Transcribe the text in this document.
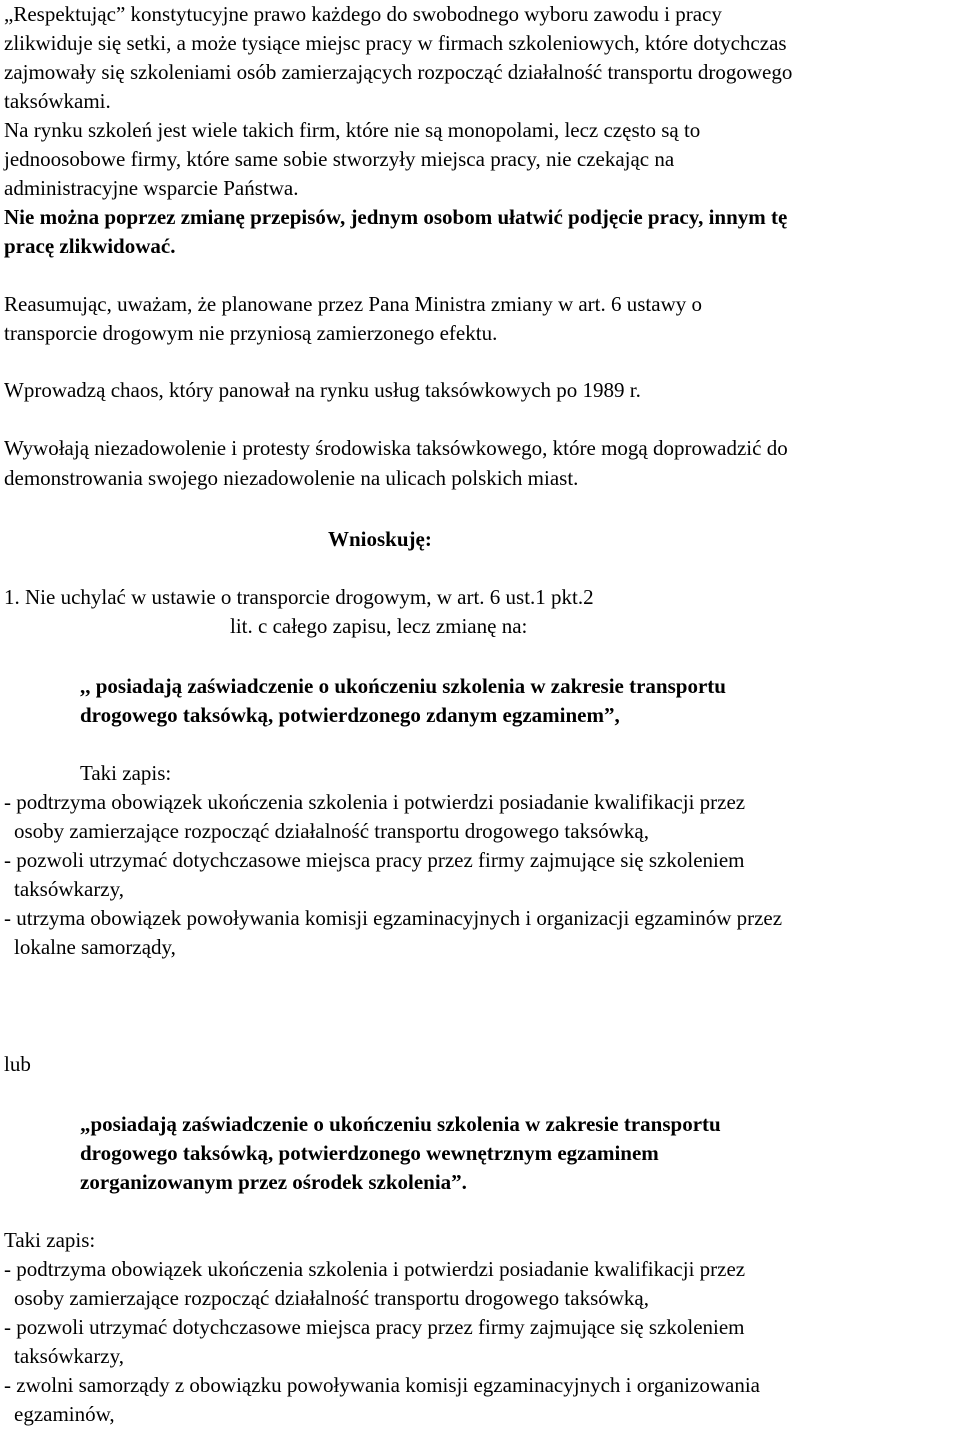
„Respektując” konstytucyjne prawo każdego do swobodnego wyboru zawodu i pracy
zlikwiduje się setki, a może tysiące miejsc pracy w firmach szkoleniowych, które dotychczas
zajmowały się szkoleniami osób zamierzających rozpocząć działalność transportu drogowego
taksówkami.
Na rynku szkoleń jest wiele takich firm, które nie są monopolami, lecz często są to
jednoosobowe firmy, które same sobie stworzyły miejsca pracy, nie czekając na
administracyjne wsparcie Państwa.
Nie można poprzez zmianę przepisów, jednym osobom ułatwić podjęcie pracy, innym tę
pracę zlikwidować.
Reasumując, uważam, że planowane przez Pana Ministra zmiany w art. 6 ustawy o
transporcie drogowym nie przyniosą zamierzonego efektu.
Wprowadzą chaos, który panował na rynku usług taksówkowych po 1989 r.
Wywołają niezadowolenie i protesty środowiska taksówkowego, które mogą doprowadzić do
demonstrowania swojego niezadowolenie na ulicach polskich miast.
Wnioskuję:
1. Nie uchylać w ustawie o transporcie drogowym, w art. 6 ust.1 pkt.2
lit. c całego zapisu, lecz zmianę na:
,, posiadają zaświadczenie o ukończeniu szkolenia w zakresie transportu
drogowego taksówką, potwierdzonego zdanym egzaminem”,
Taki zapis:
- podtrzyma obowiązek ukończenia szkolenia i potwierdzi posiadanie kwalifikacji przez
osoby zamierzające rozpocząć działalność transportu drogowego taksówką,
- pozwoli utrzymać dotychczasowe miejsca pracy przez firmy zajmujące się szkoleniem
taksówkarzy,
- utrzyma obowiązek powoływania komisji egzaminacyjnych i organizacji egzaminów przez
lokalne samorządy,
lub
„posiadają zaświadczenie o ukończeniu szkolenia w zakresie transportu
drogowego taksówką, potwierdzonego wewnętrznym egzaminem
zorganizowanym przez ośrodek szkolenia”.
Taki zapis:
- podtrzyma obowiązek ukończenia szkolenia i potwierdzi posiadanie kwalifikacji przez
osoby zamierzające rozpocząć działalność transportu drogowego taksówką,
- pozwoli utrzymać dotychczasowe miejsca pracy przez firmy zajmujące się szkoleniem
taksówkarzy,
- zwolni samorządy z obowiązku powoływania komisji egzaminacyjnych i organizowania
egzaminów,
